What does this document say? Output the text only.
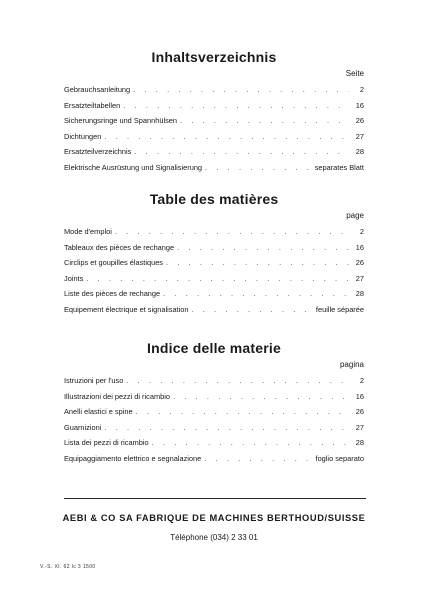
Inhaltsverzeichnis
Seite
Gebrauchsanleitung . . .	2
Ersatzteiltabellen . . .	16
Sicherungsringe und Spannhülsen . . .	26
Dichtungen . . .	27
Ersatzteilverzeichnis . . .	28
Elektrische Ausrüstung und Signalisierung . . .	separates Blatt
Table des matières
page
Mode d'emploi . . .	2
Tableaux des pièces de rechange . . .	16
Circlips et goupilles élastiques . . .	26
Joints . . .	27
Liste des pièces de rechange . . .	28
Equipement électrique et signalisation . . .	feuille séparée
Indice delle materie
pagina
Istruzioni per l'uso . . .	2
Illustrazioni dei pezzi di ricambio . . .	16
Anelli elastici e spine . . .	26
Guarnizioni . . .	27
Lista dei pezzi di ricambio . . .	28
Equipaggiamento elettrico e segnalazione . . .	foglio separato
AEBI & CO SA FABRIQUE DE MACHINES BERTHOUD/SUISSE
Téléphone (034) 2 33 01
V.-S. XI. 62 lc 3 1500
